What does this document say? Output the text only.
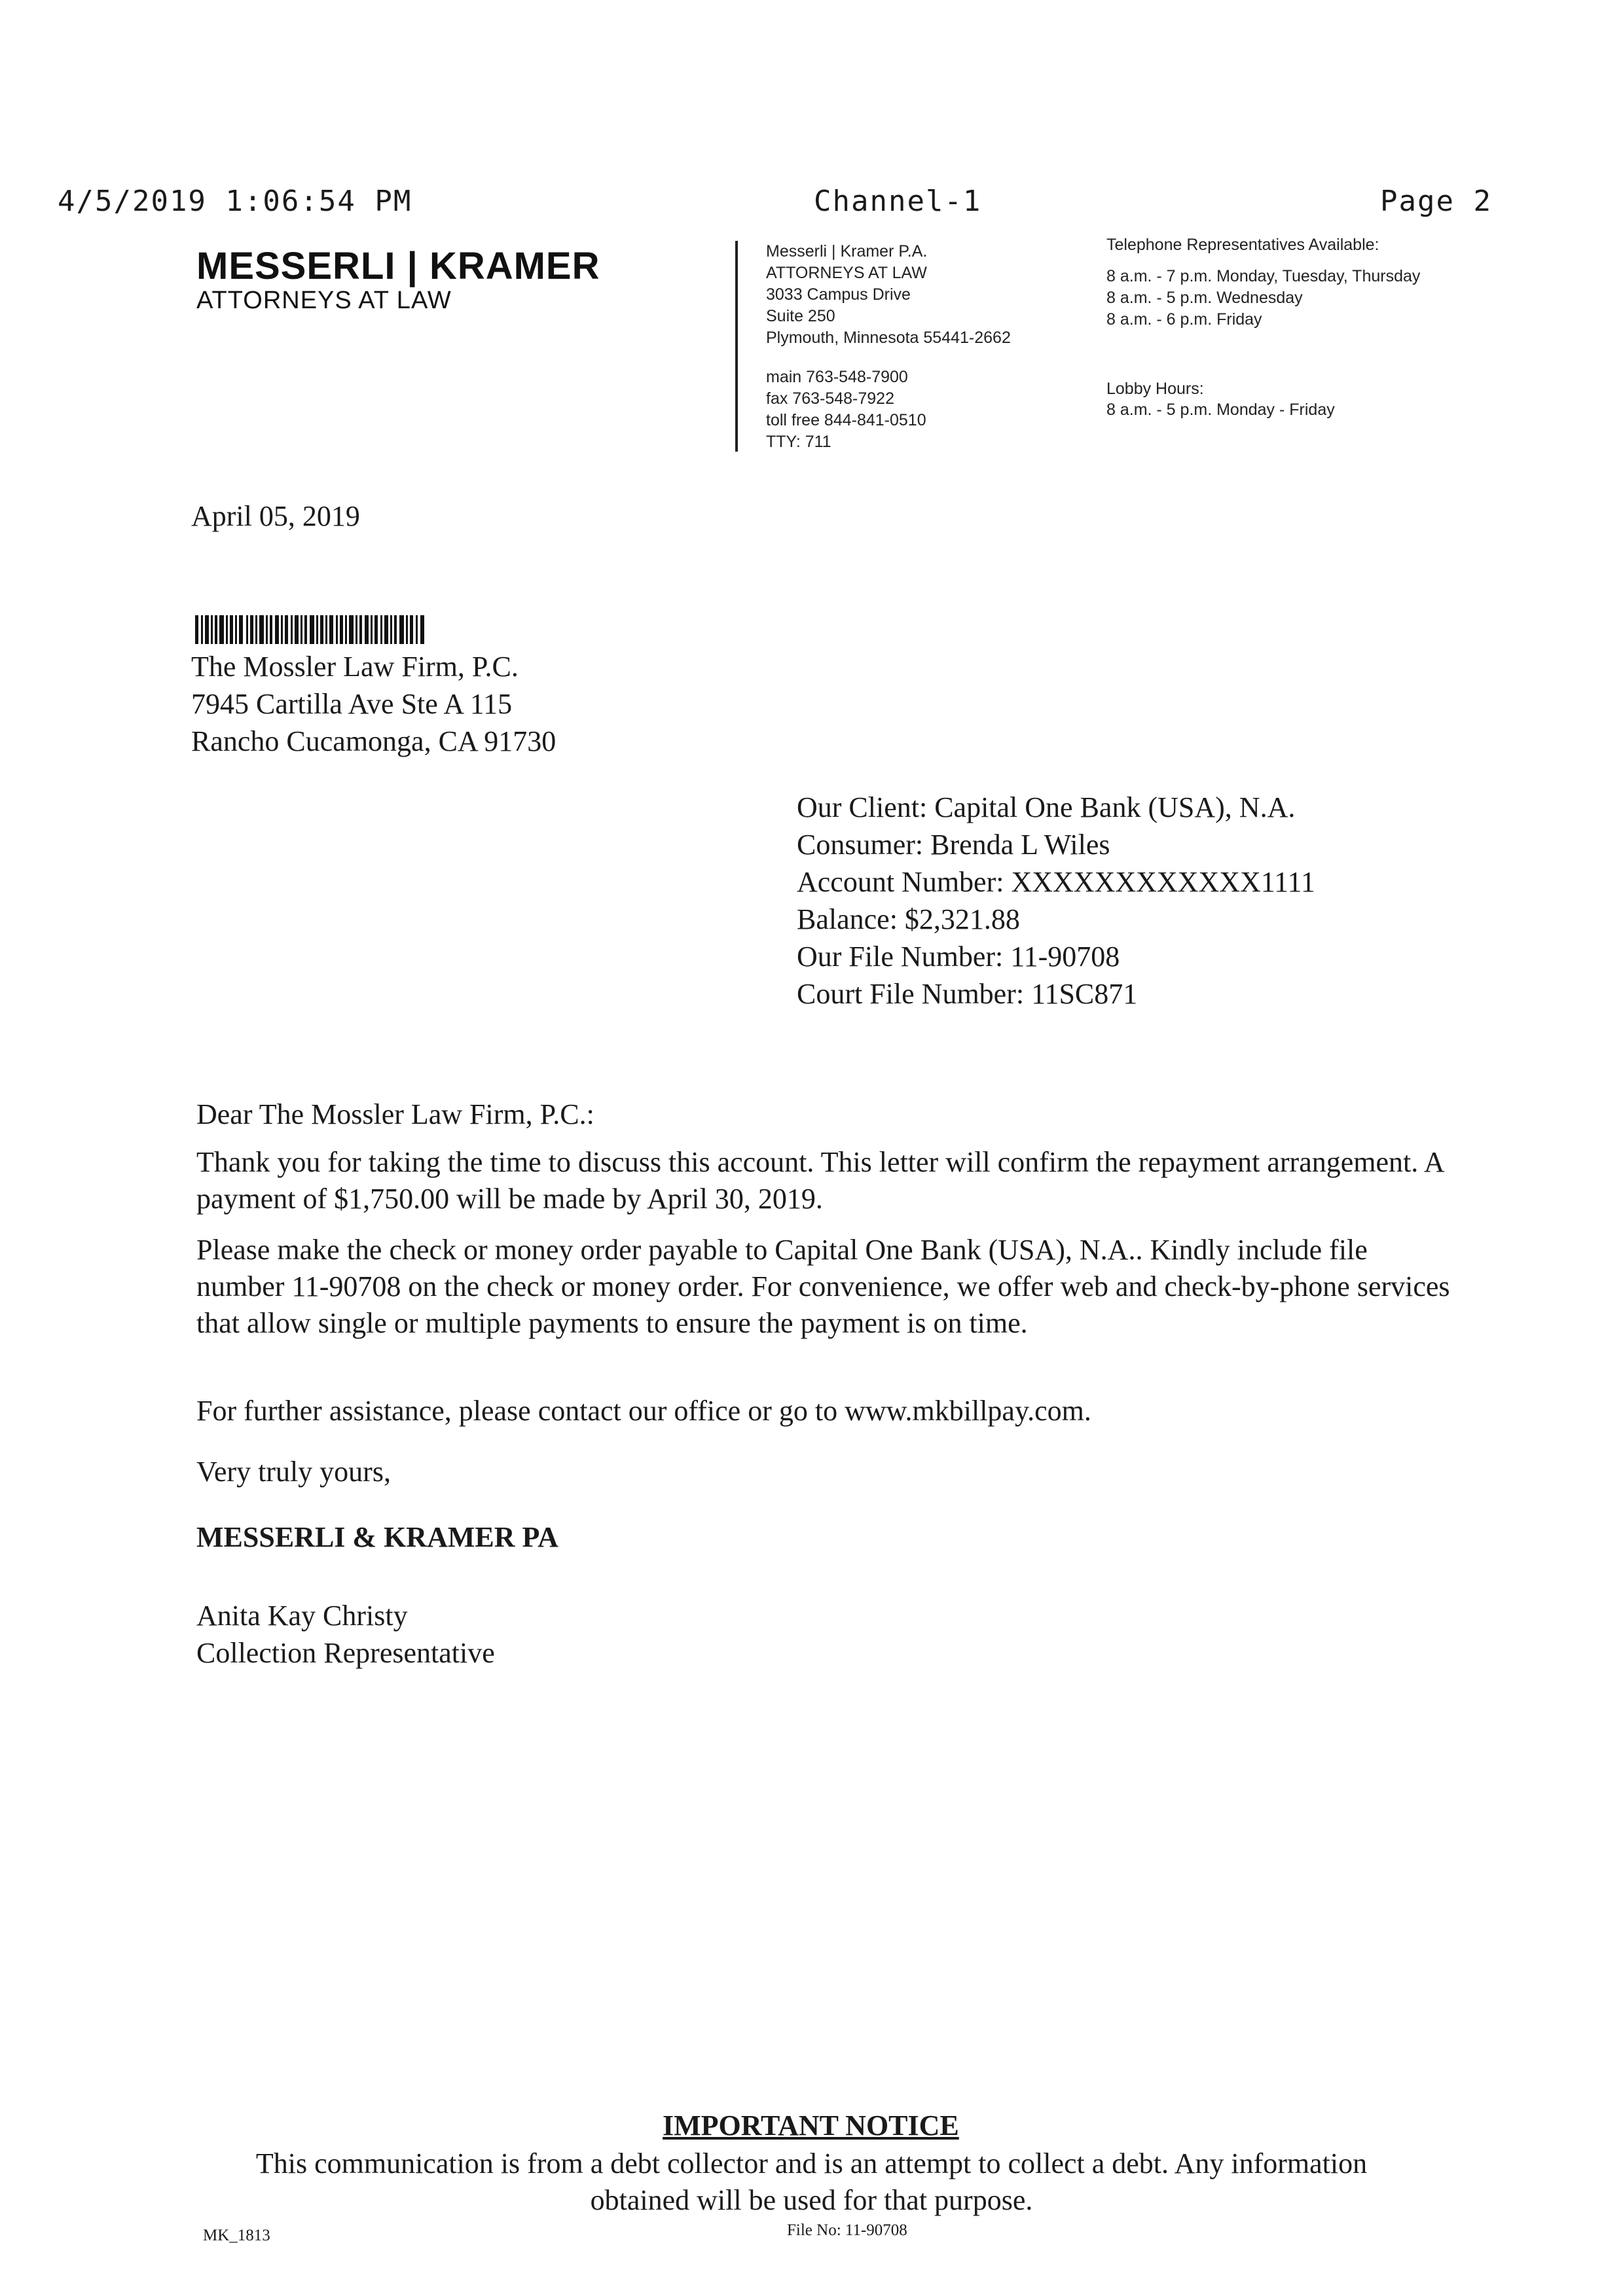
4/5/2019 1:06:54 PM	Channel-1	Page 2
MESSERLI | KRAMER
ATTORNEYS AT LAW
Messerli | Kramer P.A.
ATTORNEYS AT LAW
3033 Campus Drive
Suite 250
Plymouth, Minnesota 55441-2662
main 763-548-7900
fax 763-548-7922
toll free 844-841-0510
TTY: 711
Telephone Representatives Available:
8 a.m. - 7 p.m. Monday, Tuesday, Thursday
8 a.m. - 5 p.m. Wednesday
8 a.m. - 6 p.m. Friday
Lobby Hours:
8 a.m. - 5 p.m. Monday - Friday
April 05, 2019
The Mossler Law Firm, P.C.
7945 Cartilla Ave Ste A 115
Rancho Cucamonga, CA 91730
Our Client: Capital One Bank (USA), N.A.
Consumer: Brenda L Wiles
Account Number: XXXXXXXXXXXX1111
Balance: $2,321.88
Our File Number: 11-90708
Court File Number: 11SC871
Dear The Mossler Law Firm, P.C.:
Thank you for taking the time to discuss this account. This letter will confirm the repayment arrangement. A payment of $1,750.00 will be made by April 30, 2019.
Please make the check or money order payable to Capital One Bank (USA), N.A.. Kindly include file number 11-90708 on the check or money order. For convenience, we offer web and check-by-phone services that allow single or multiple payments to ensure the payment is on time.
For further assistance, please contact our office or go to www.mkbillpay.com.
Very truly yours,
MESSERLI & KRAMER PA
Anita Kay Christy
Collection Representative
IMPORTANT NOTICE
This communication is from a debt collector and is an attempt to collect a debt. Any information
obtained will be used for that purpose.
MK_1813	File No: 11-90708
